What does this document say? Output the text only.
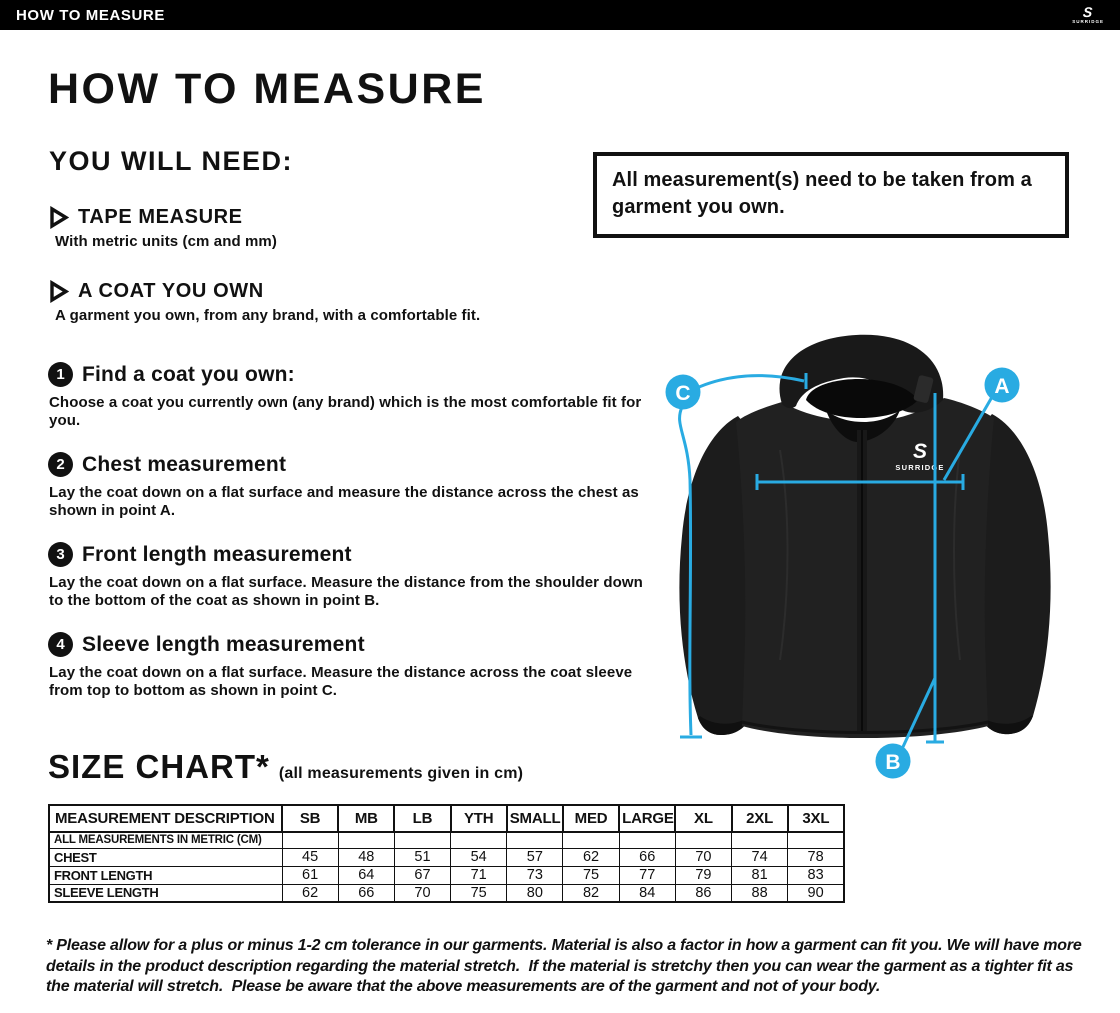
HOW TO MEASURE	S
SURRIDGE
HOW TO MEASURE
YOU WILL NEED:
TAPE MEASURE
With metric units (cm and mm)
A COAT YOU OWN
A garment you own, from any brand, with a comfortable fit.
1 Find a coat you own:
Choose a coat you currently own (any brand) which is the most comfortable fit for you.
2 Chest measurement
Lay the coat down on a flat surface and measure the distance across the chest as shown in point A.
3 Front length measurement
Lay the coat down on a flat surface. Measure the distance from the shoulder down to the bottom of the coat as shown in point B.
4 Sleeve length measurement
Lay the coat down on a flat surface. Measure the distance across the coat sleeve from top to bottom as shown in point C.
All measurement(s) need to be taken from a garment you own.
S
SURRIDGE
A
C
B
SIZE CHART* (all measurements given in cm)
MEASUREMENT DESCRIPTION	SB	MB	LB	YTH	SMALL	MED	LARGE	XL	2XL	3XL
ALL MEASUREMENTS IN METRIC (CM)										
CHEST	45	48	51	54	57	62	66	70	74	78
FRONT LENGTH	61	64	67	71	73	75	77	79	81	83
SLEEVE LENGTH	62	66	70	75	80	82	84	86	88	90
* Please allow for a plus or minus 1-2 cm tolerance in our garments. Material is also a factor in how a garment can fit you. We will have more details in the product description regarding the material stretch.  If the material is stretchy then you can wear the garment as a tighter fit as the material will stretch.  Please be aware that the above measurements are of the garment and not of your body.
